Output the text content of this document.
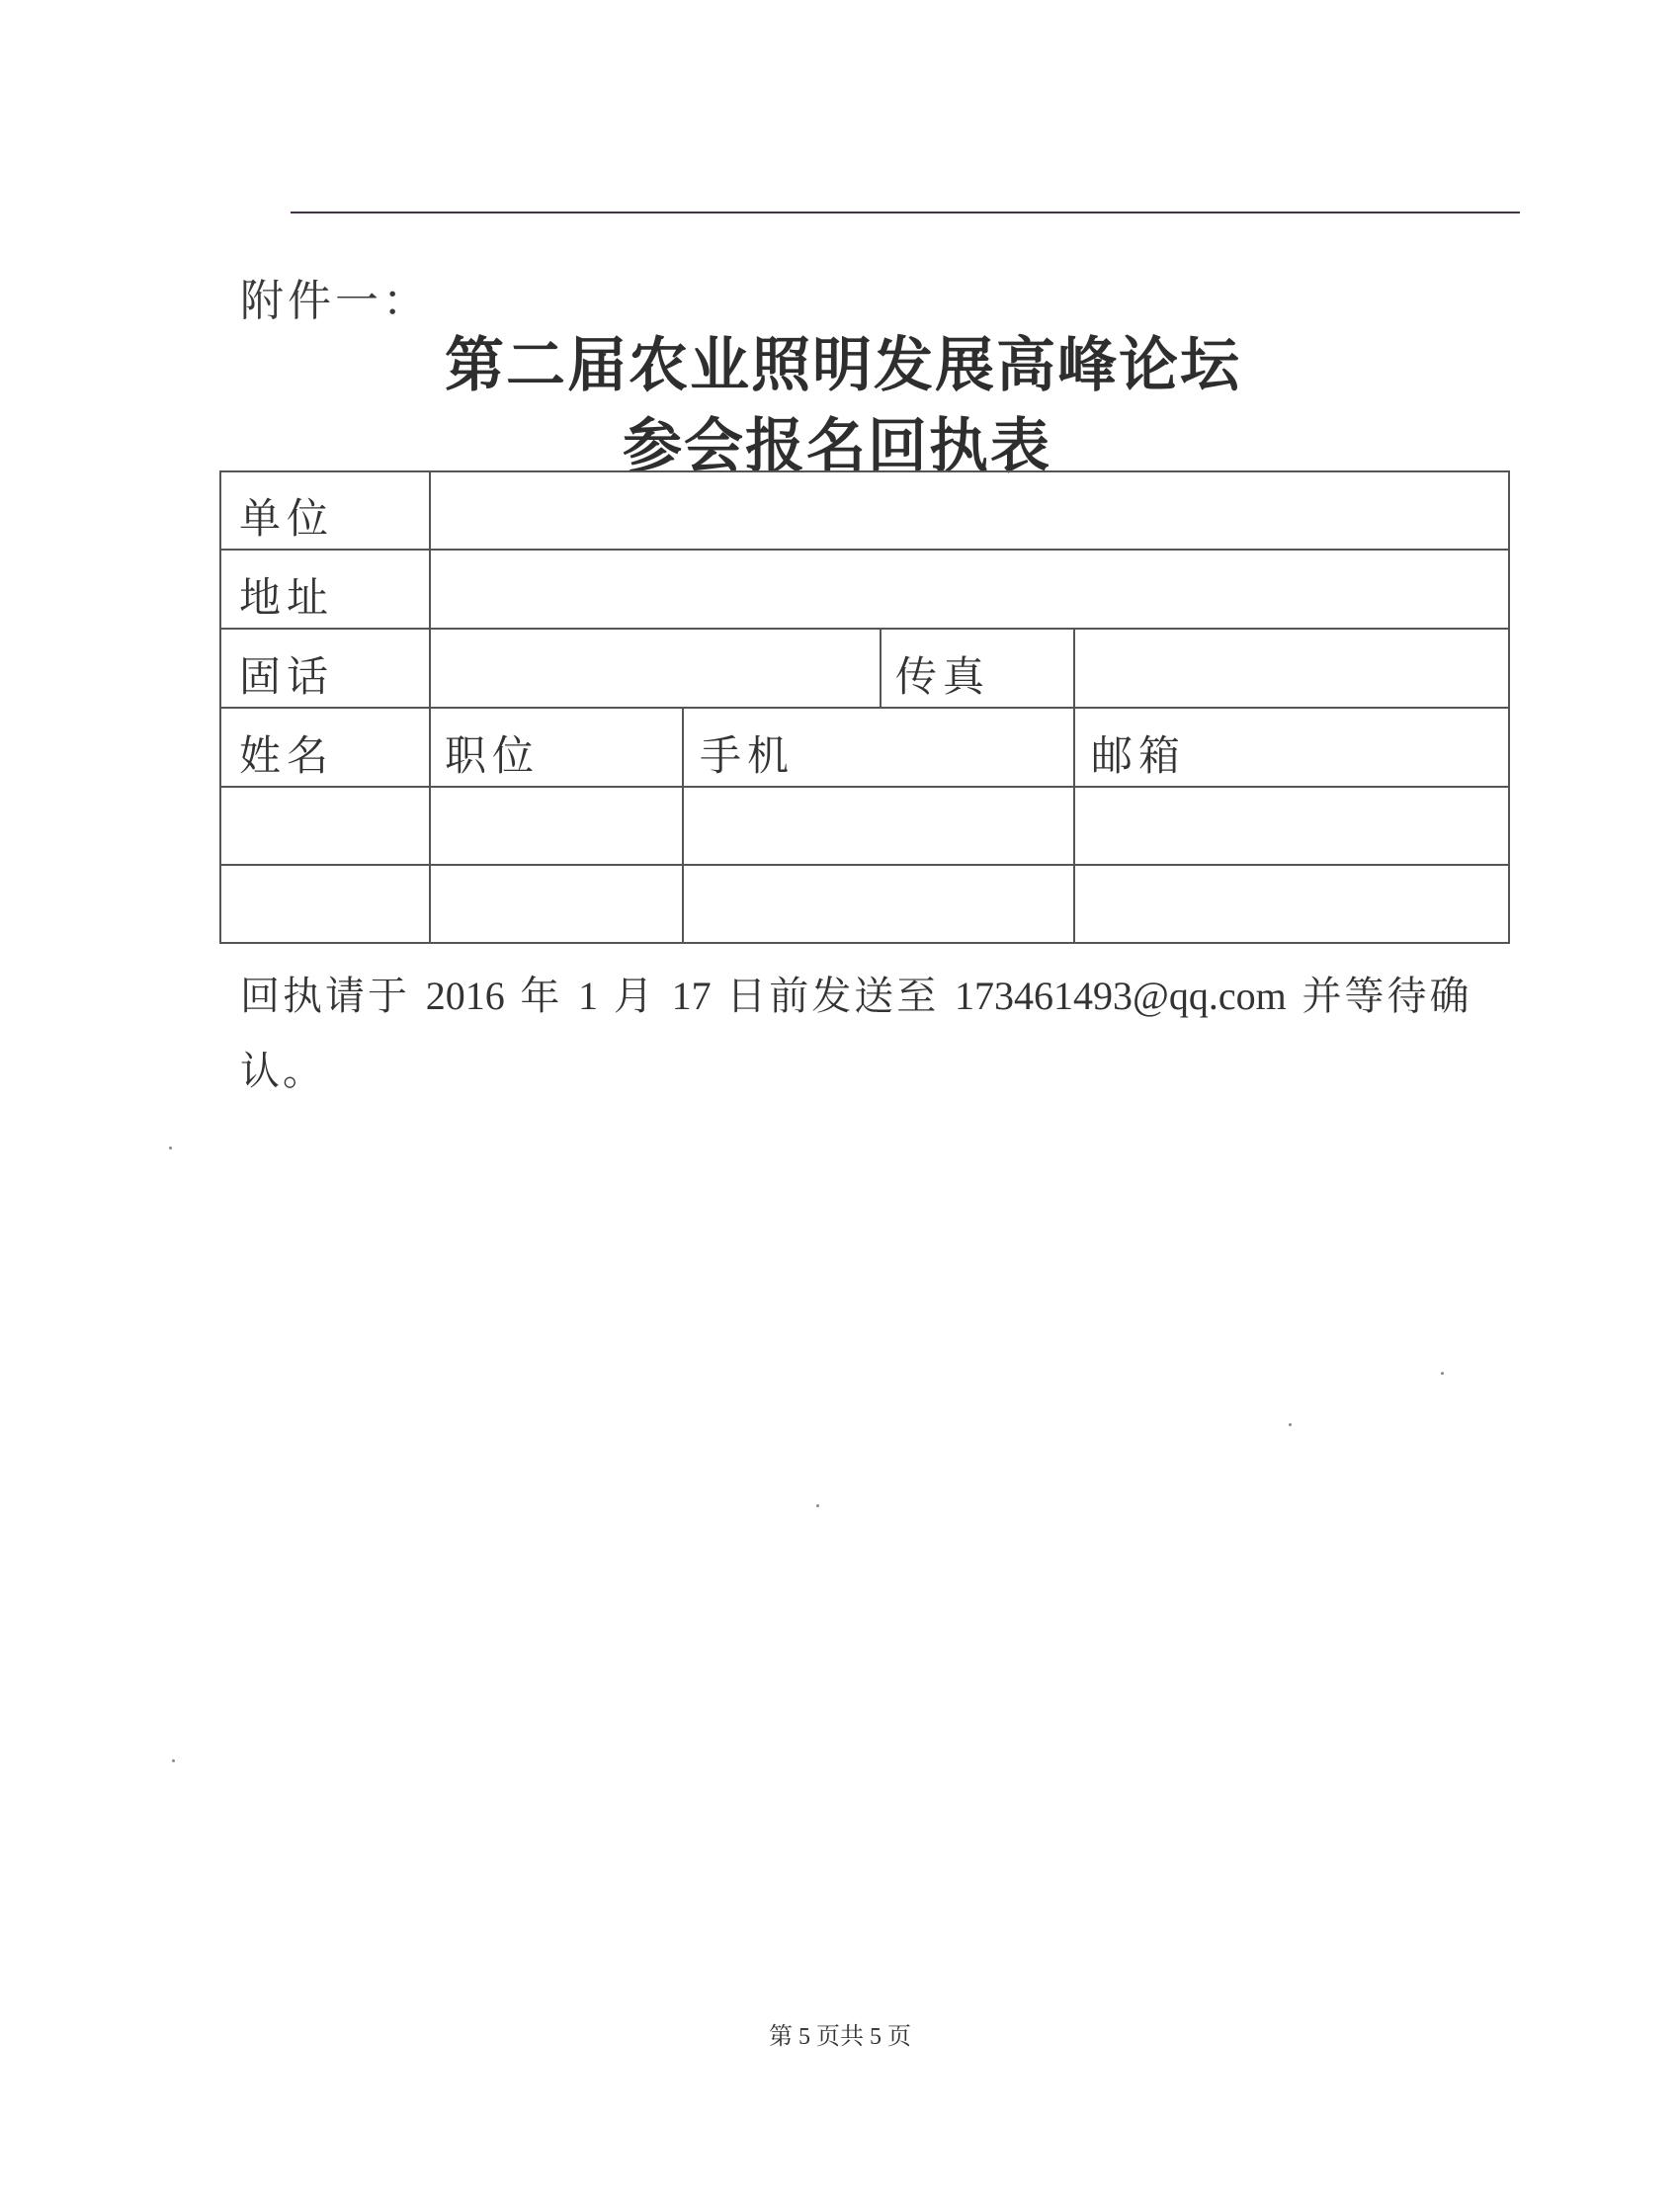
附件一：
第二届农业照明发展高峰论坛
参会报名回执表
单位
地址
固话	传真
姓名	职位	手机	邮箱
回执请于 2016 年 1 月 17 日前发送至 173461493@qq.com 并等待确
认。
第 5 页共 5 页
